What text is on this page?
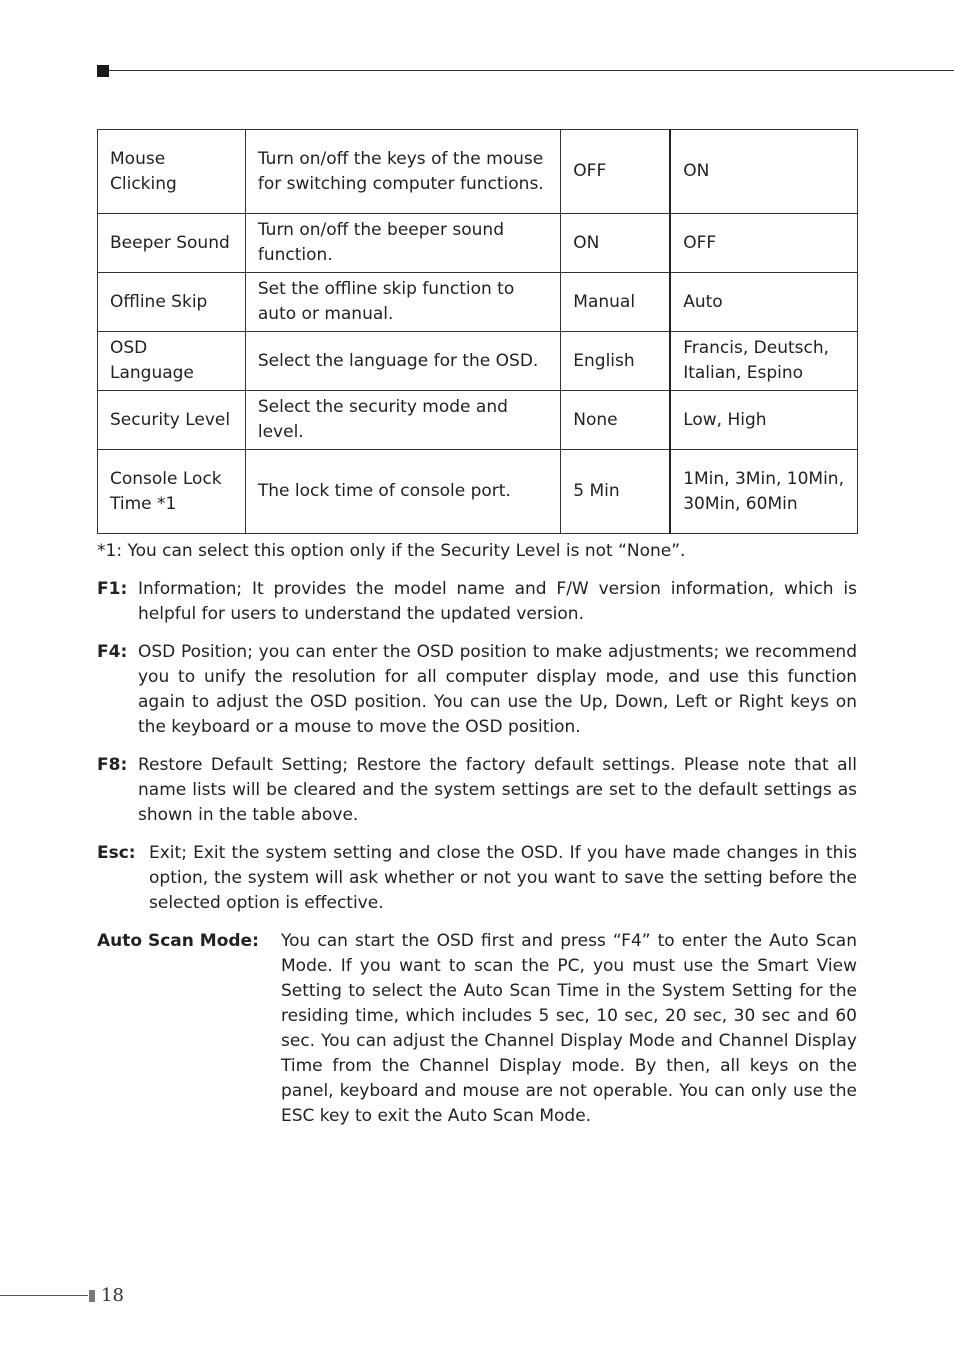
Mouse Clicking	Turn on/off the keys of the mouse for switching computer functions.	OFF	ON
Beeper Sound	Turn on/off the beeper sound function.	ON	OFF
Offline Skip	Set the offline skip function to auto or manual.	Manual	Auto
OSD Language	Select the language for the OSD.	English	Francis, Deutsch, Italian, Espino
Security Level	Select the security mode and level.	None	Low, High
Console Lock Time *1	The lock time of console port.	5 Min	1Min, 3Min, 10Min, 30Min, 60Min
*1: You can select this option only if the Security Level is not “None”.
F1: Information; It provides the model name and F/W version information, which is helpful for users to understand the updated version.
F4: OSD Position; you can enter the OSD position to make adjustments; we recommend you to unify the resolution for all computer display mode, and use this function again to adjust the OSD position. You can use the Up, Down, Left or Right keys on the keyboard or a mouse to move the OSD position.
F8: Restore Default Setting; Restore the factory default settings. Please note that all name lists will be cleared and the system settings are set to the default settings as shown in the table above.
Esc: Exit; Exit the system setting and close the OSD. If you have made changes in this option, the system will ask whether or not you want to save the setting before the selected option is effective.
Auto Scan Mode: You can start the OSD first and press “F4” to enter the Auto Scan Mode. If you want to scan the PC, you must use the Smart View Setting to select the Auto Scan Time in the System Setting for the residing time, which includes 5 sec, 10 sec, 20 sec, 30 sec and 60 sec. You can adjust the Channel Display Mode and Channel Display Time from the Channel Display mode. By then, all keys on the panel, keyboard and mouse are not operable. You can only use the ESC key to exit the Auto Scan Mode.
18
